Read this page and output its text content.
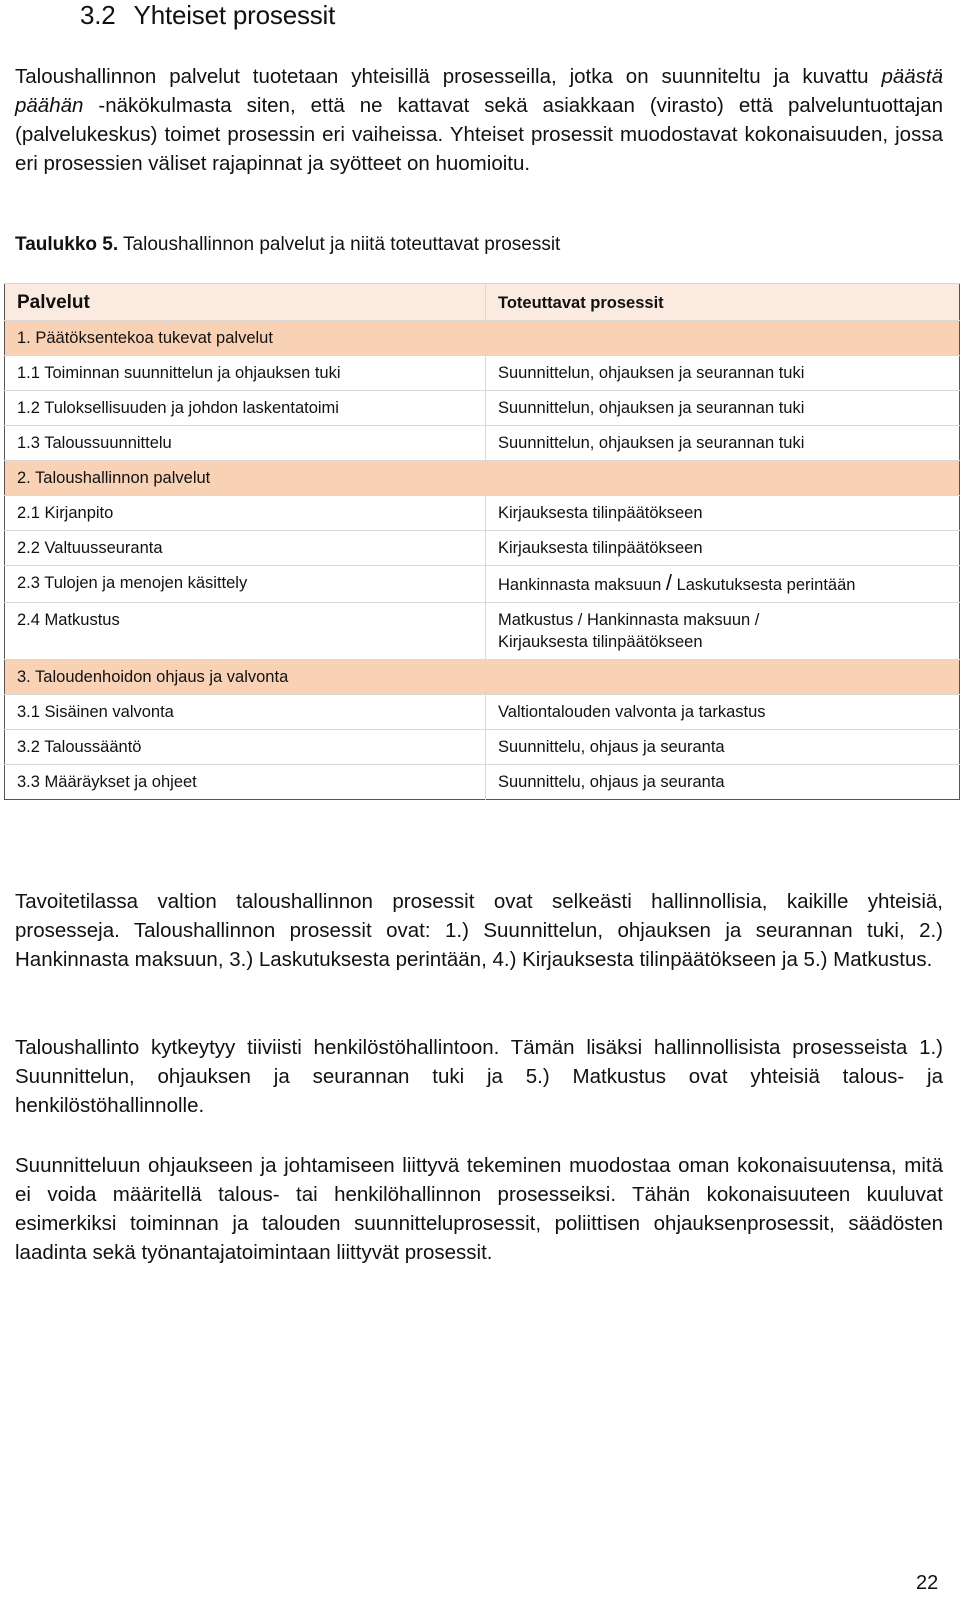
3.2 Yhteiset prosessit

Taloushallinnon palvelut tuotetaan yhteisillä prosesseilla, jotka on suunniteltu ja kuvattu päästä päähän -näkökulmasta siten, että ne kattavat sekä asiakkaan (virasto) että palveluntuottajan (palvelukeskus) toimet prosessin eri vaiheissa. Yhteiset prosessit muodostavat kokonaisuuden, jossa eri prosessien väliset rajapinnat ja syötteet on huomioitu.

Taulukko 5. Taloushallinnon palvelut ja niitä toteuttavat prosessit
Palvelut	Toteuttavat prosessit
1. Päätöksentekoa tukevat palvelut	
1.1 Toiminnan suunnittelun ja ohjauksen tuki	Suunnittelun, ohjauksen ja seurannan tuki
1.2 Tuloksellisuuden ja johdon laskentatoimi	Suunnittelun, ohjauksen ja seurannan tuki
1.3 Taloussuunnittelu	Suunnittelun, ohjauksen ja seurannan tuki
2. Taloushallinnon palvelut	
2.1 Kirjanpito	Kirjauksesta tilinpäätökseen
2.2 Valtuusseuranta	Kirjauksesta tilinpäätökseen
2.3 Tulojen ja menojen käsittely	Hankinnasta maksuun / Laskutuksesta perintään
2.4 Matkustus	Matkustus / Hankinnasta maksuun /
Kirjauksesta tilinpäätökseen

3. Taloudenhoidon ohjaus ja valvonta	
3.1 Sisäinen valvonta	Valtiontalouden valvonta ja tarkastus
3.2 Taloussääntö	Suunnittelu, ohjaus ja seuranta
3.3 Määräykset ja ohjeet	Suunnittelu, ohjaus ja seuranta

Tavoitetilassa valtion taloushallinnon prosessit ovat selkeästi hallinnollisia, kaikille yhteisiä, prosesseja. Taloushallinnon prosessit ovat: 1.) Suunnittelun, ohjauksen ja seurannan tuki, 2.) Hankinnasta maksuun, 3.) Laskutuksesta perintään, 4.) Kirjauksesta tilinpäätökseen ja 5.) Matkustus.

Taloushallinto kytkeytyy tiiviisti henkilöstöhallintoon. Tämän lisäksi hallinnollisista prosesseista 1.) Suunnittelun, ohjauksen ja seurannan tuki ja 5.) Matkustus ovat yhteisiä talous- ja henkilöstöhallinnolle.

Suunnitteluun ohjaukseen ja johtamiseen liittyvä tekeminen muodostaa oman kokonaisuutensa, mitä ei voida määritellä talous- tai henkilöhallinnon prosesseiksi. Tähän kokonaisuuteen kuuluvat esimerkiksi toiminnan ja talouden suunnitteluprosessit, poliittisen ohjauksenprosessit, säädösten laadinta sekä työnantajatoimintaan liittyvät prosessit.

22
